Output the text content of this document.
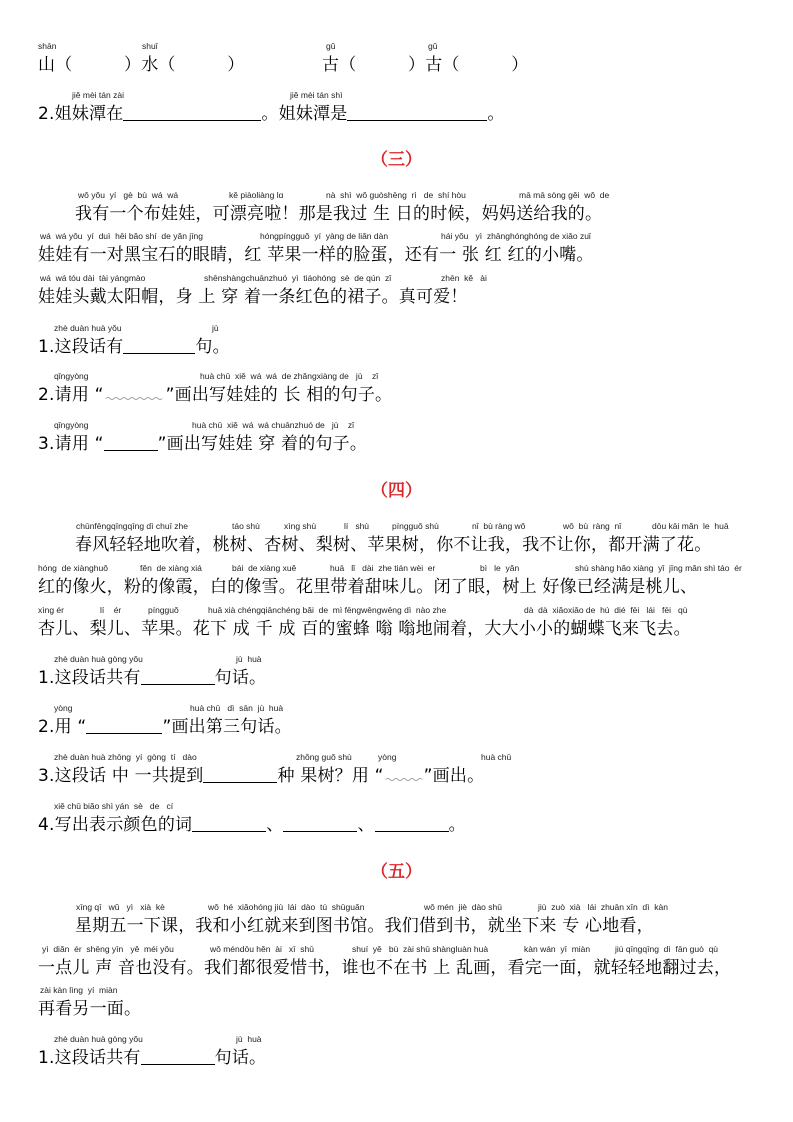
shān

	shuǐ

	gǔ

	gǔ

山（　　　）水（　　　）	古（　　　）古（　　　）

jiě mèi tán zài

	jiě mèi tán shì

2.姐妹潭在	。姐妹潭是	。
（三）

wǒ yǒu  yí   gè  bù  wá  wá

	kě piàoliàng lɑ

	nà  shì  wǒ guòshēng  rì   de  shí hòu

	mā mā sòng gěi  wǒ  de

我有一个布娃娃，可漂亮啦！那是我过 生 日的时候，妈妈送给我的。

wá  wá yǒu  yí  duì  hēi bǎo shí  de yǎn jīng

	hóngpíngguǒ  yí  yàng de liǎn dàn

	hái yǒu   yì  zhānghónghóng de xiǎo zuǐ

娃娃有一对黑宝石的眼睛，红 苹果一样的脸蛋，还有一 张 红 红的小嘴。

wá  wá tóu dài  tài yángmào

	shēnshàngchuānzhuó  yì  tiáohóng  sè  de qún  zǐ

	zhēn  kě   ài

娃娃头戴太阳帽，身 上 穿 着一条红色的裙子。真可爱！

zhè duàn huà yǒu

	jù

1.这段话有	句。

qǐngyòng

	huà chū  xiě  wá  wá  de zhǎngxiàng de   jù    zǐ

2.请用 “	”画出写娃娃的 长 相的句子。

qǐngyòng

	huà chū  xiě  wá  wá chuānzhuó de   jù    zǐ

3.请用 “	”画出写娃娃 穿 着的句子。
（四）

chūnfēngqīngqīng dì chuī zhe

	táo shù

	xìng shù

	lí   shù

	píngguǒ shù

	nǐ  bù ràng wǒ

	wǒ  bù  ràng  nǐ

	dōu kāi mǎn  le  huā

春风轻轻地吹着，桃树、杏树、梨树、苹果树，你不让我，我不让你，都开满了花。

hóng  de xiànghuǒ

	fěn  de xiàng xiá

	bái  de xiàng xuě

	huā   lǐ   dài  zhe tián wèi  er

	bì   le  yǎn

	shù shàng hǎo xiàng  yǐ  jīng mǎn shì táo  ér

红的像火，粉的像霞，白的像雪。花里带着甜味儿。闭了眼，树上 好像已经满是桃儿、

xìng ér

	lí    ér

	píngguǒ

	huā xià chéngqiānchéng bǎi  de  mì fēngwēngwēng dì  nào zhe

	dà  dà  xiǎoxiǎo de  hú  dié  fēi   lái   fēi   qù

杏儿、梨儿、苹果。花下 成 千 成 百的蜜蜂 嗡 嗡地闹着，大大小小的蝴蝶飞来飞去。

zhè duàn huà gòng yǒu

	jù  huà

1.这段话共有	句话。

yòng

	huà chū   dì  sān  jù  huà

2.用 “	”画出第三句话。

zhè duàn huà zhōng  yí  gòng  tí   dào

	zhǒng guǒ shù

	yòng

	huà chū

3.这段话 中 一共提到	种 果树？用 “ ”画出。

xiě chū biǎo shì yán  sè   de   cí

4.写出表示颜色的词	、	、	。
（五）

xīng qī   wǔ   yì   xià  kè

	wǒ  hé  xiǎohóng jiù  lái  dào  tú  shūguǎn

	wǒ mén  jiè  dào shū

	jiù  zuò  xià   lái  zhuān xīn  dì  kàn

星期五一下课，我和小红就来到图书馆。我们借到书，就坐下来 专 心地看，

yì  diǎn  ér  shēng yīn   yě  méi yǒu

	wǒ méndōu hěn  ài   xī  shū

	shuí  yě   bù  zài shū shàngluàn huà

	kàn wán  yī  miàn

	jiù qīngqīng  dì  fān guò  qù

一点儿 声 音也没有。我们都很爱惜书，谁也不在书 上 乱画，看完一面，就轻轻地翻过去，

zài kàn lìng  yí  miàn

再看另一面。

zhè duàn huà gòng yǒu

	jù  huà

1.这段话共有	句话。
